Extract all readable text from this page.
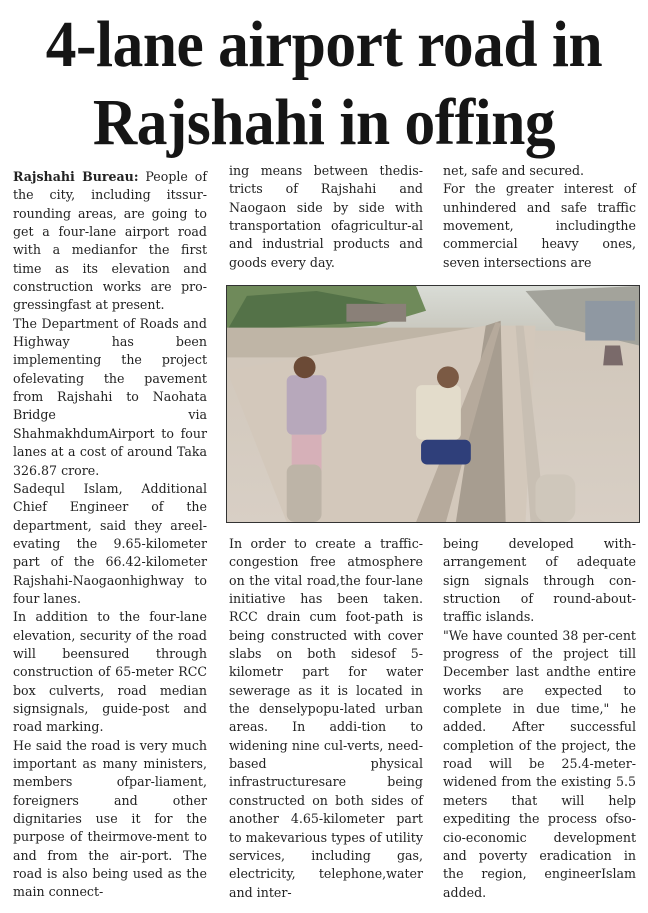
4-lane airport road in
Rajshahi in offing

Rajshahi Bureau: People of the city, including itssur-rounding areas, are going to get a four-lane airport road with a medianfor the first time as its elevation and construction works are pro-gressingfast at present.

The Department of Roads and Highway has been implementing the project ofelevating the pavement from Rajshahi to Naohata Bridge via ShahmakhdumAirport to four lanes at a cost of around Taka 326.87 crore.

Sadequl Islam, Additional Chief Engineer of the department, said they areel-evating the 9.65-kilometer part of the 66.42-kilometer Rajshahi-Naogaonhighway to four lanes.

In addition to the four-lane elevation, security of the road will beensured through construction of 65-meter RCC box culverts, road median signsignals, guide-post and road marking.

He said the road is very much important as many ministers, members ofpar-liament, foreigners and other dignitaries use it for the purpose of theirmove-ment to and from the air-port. The road is also being used as the main connect-

ing means between thedis-tricts of Rajshahi and Naogaon side by side with transportation ofagricultur-al and industrial products and goods every day.

net, safe and secured.

For the greater interest of unhindered and safe traffic movement, includingthe commercial heavy ones, seven intersections are

In order to create a traffic-congestion free atmosphere on the vital road,the four-lane initiative has been taken. RCC drain cum foot-path is being constructed with cover slabs on both sidesof 5-kilometr part for water sewerage as it is located in the denselypopu-lated urban areas. In addi-tion to widening nine cul-verts, need-based physical infrastructuresare being constructed on both sides of another 4.65-kilometer part to makevarious types of utility services, including gas, electricity, telephone,water and inter-

being developed with-arrangement of adequate sign signals through con-struction of round-about-traffic islands.

"We have counted 38 per-cent progress of the project till December last andthe entire works are expected to complete in due time," he added. After successful completion of the project, the road will be 25.4-meter-widened from the existing 5.5 meters that will help expediting the process ofso-cio-economic development and poverty eradication in the region, engineerIslam added.
